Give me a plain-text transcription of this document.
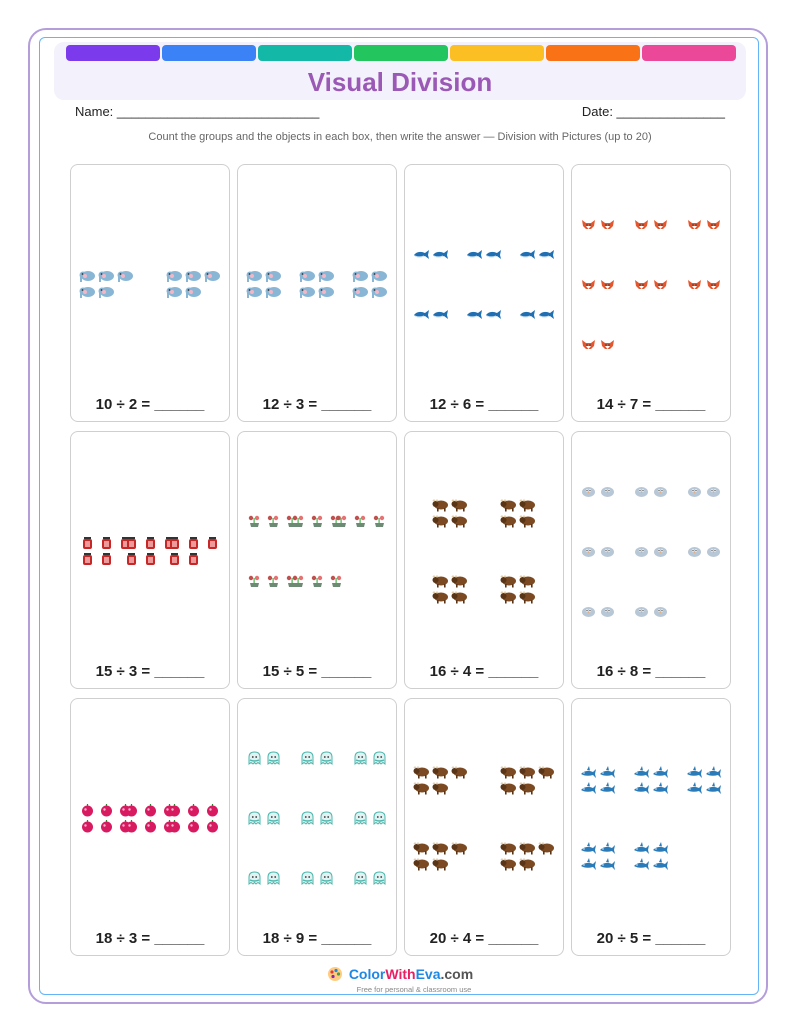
Visual Division
Name: ____________________________	Date: _______________
Count the groups and the objects in each box, then write the answer — Division with Pictures (up to 20)
10 ÷ 2 = ______	12 ÷ 3 = ______	12 ÷ 6 = ______	14 ÷ 7 = ______
15 ÷ 3 = ______	15 ÷ 5 = ______	16 ÷ 4 = ______	16 ÷ 8 = ______
18 ÷ 3 = ______	18 ÷ 9 = ______	20 ÷ 4 = ______	20 ÷ 5 = ______
ColorWithEva.com
Free for personal & classroom use
